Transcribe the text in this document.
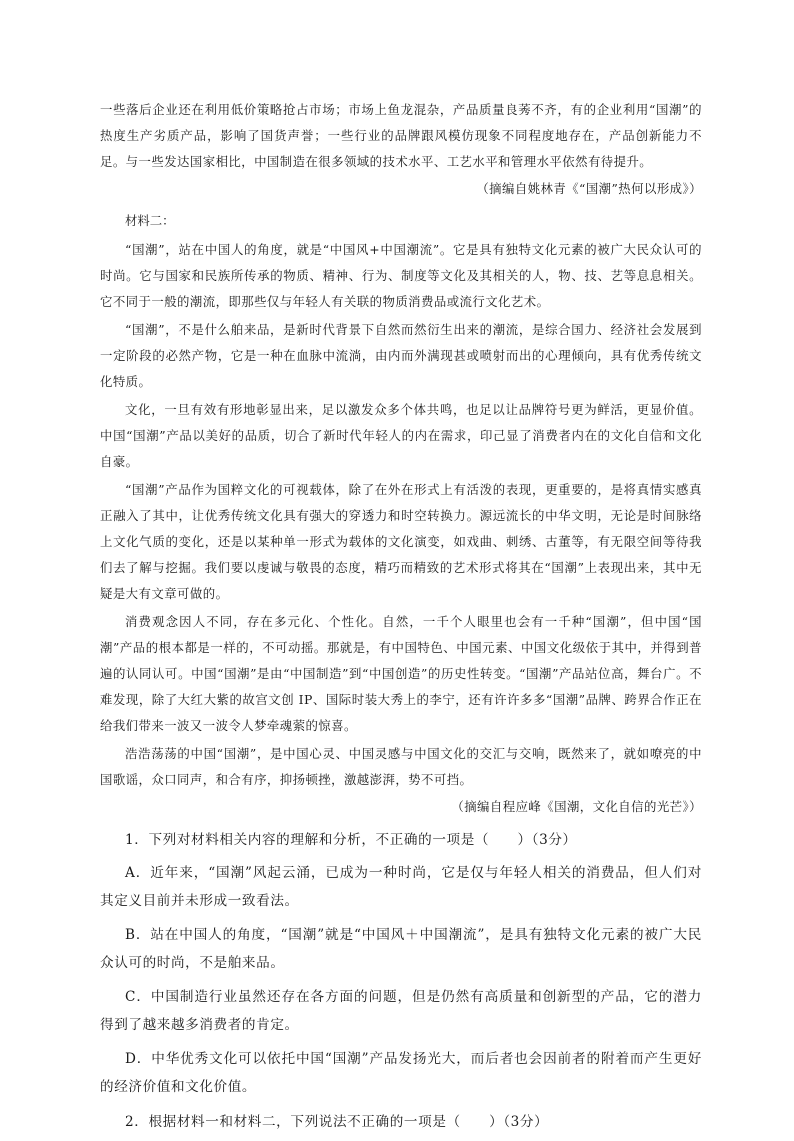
一些落后企业还在利用低价策略抢占市场；市场上鱼龙混杂，产品质量良莠不齐，有的企业利用“国潮”的热度生产劣质产品，影响了国货声誉；一些行业的品牌跟风模仿现象不同程度地存在，产品创新能力不足。与一些发达国家相比，中国制造在很多领域的技术水平、工艺水平和管理水平依然有待提升。

（摘编自姚林青《“国潮”热何以形成》）

材料二：

“国潮”，站在中国人的角度，就是“中国风+中国潮流”。它是具有独特文化元素的被广大民众认可的时尚。它与国家和民族所传承的物质、精神、行为、制度等文化及其相关的人，物、技、艺等息息相关。它不同于一般的潮流，即那些仅与年轻人有关联的物质消费品或流行文化艺术。

“国潮”，不是什么舶来品，是新时代背景下自然而然衍生出来的潮流，是综合国力、经济社会发展到一定阶段的必然产物，它是一种在血脉中流淌，由内而外满现甚或喷射而出的心理倾向，具有优秀传统文化特质。

文化，一旦有效有形地彰显出来，足以激发众多个体共鸣，也足以让品牌符号更为鲜活，更显价值。中国“国潮”产品以美好的品质，切合了新时代年轻人的内在需求，印己显了消费者内在的文化自信和文化自豪。

“国潮”产品作为国粹文化的可视载体，除了在外在形式上有活泼的表现，更重要的，是将真情实感真正融入了其中，让优秀传统文化具有强大的穿透力和时空转换力。源远流长的中华文明，无论是时间脉络上文化气质的变化，还是以某种单一形式为载体的文化演变，如戏曲、刺绣、古董等，有无限空间等待我们去了解与挖掘。我们要以虔诚与敬畏的态度，精巧而精致的艺术形式将其在“国潮”上表现出来，其中无疑是大有文章可做的。

消费观念因人不同，存在多元化、个性化。自然，一千个人眼里也会有一千种“国潮”，但中国“国潮”产品的根本都是一样的，不可动摇。那就是，有中国特色、中国元素、中国文化级依于其中，并得到普遍的认同认可。中国“国潮”是由“中国制造”到“中国创造”的历史性转变。“国潮”产品站位高，舞台广。不难发现，除了大红大紫的故宫文创 IP、国际时装大秀上的李宁，还有许许多多“国潮”品牌、跨界合作正在给我们带来一波又一波令人梦牵魂萦的惊喜。

浩浩荡荡的中国“国潮”，是中国心灵、中国灵感与中国文化的交汇与交响，既然来了，就如嘹亮的中国歌谣，众口同声，和合有序，抑扬顿挫，激越澎湃，势不可挡。

（摘编自程应峰《国潮，文化自信的光芒》）

1．下列对材料相关内容的理解和分析，不正确的一项是（　　）（3分）

A．近年来，“国潮”风起云涌，已成为一种时尚，它是仅与年轻人相关的消费品，但人们对其定义目前并未形成一致看法。

B．站在中国人的角度，“国潮”就是“中国风＋中国潮流”，是具有独特文化元素的被广大民众认可的时尚，不是舶来品。

C．中国制造行业虽然还存在各方面的问题，但是仍然有高质量和创新型的产品，它的潜力得到了越来越多消费者的肯定。

D．中华优秀文化可以依托中国“国潮”产品发扬光大，而后者也会因前者的附着而产生更好的经济价值和文化价值。

2．根据材料一和材料二，下列说法不正确的一项是（　　）（3分）
